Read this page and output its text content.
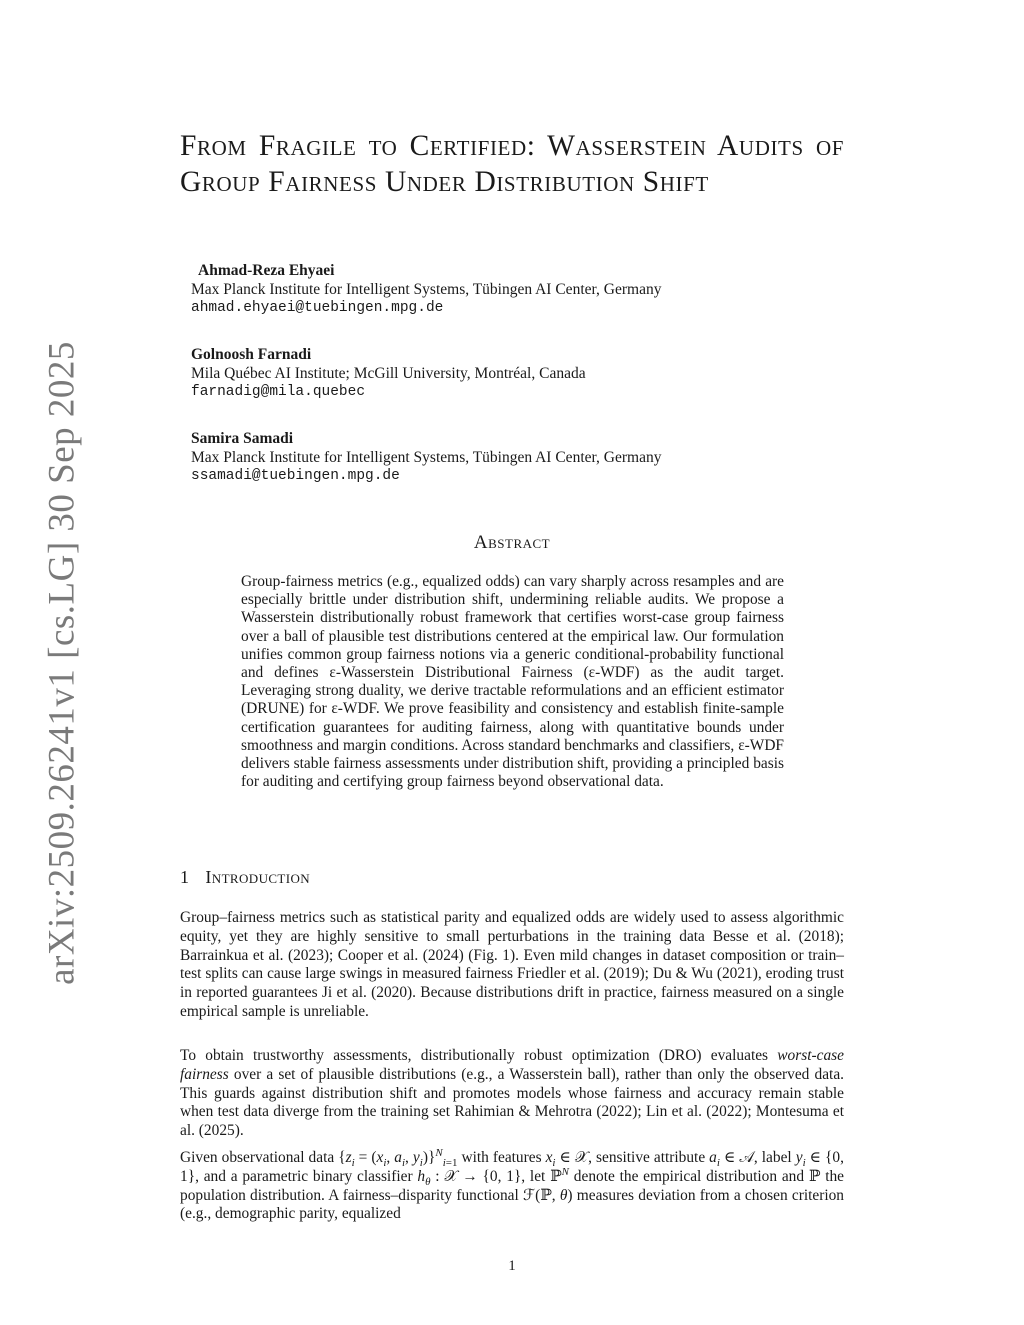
arXiv:2509.26241v1 [cs.LG] 30 Sep 2025
From Fragile to Certified: Wasserstein Audits of Group Fairness Under Distribution Shift
Ahmad-Reza Ehyaei
Max Planck Institute for Intelligent Systems, Tübingen AI Center, Germany
ahmad.ehyaei@tuebingen.mpg.de
Golnoosh Farnadi
Mila Québec AI Institute; McGill University, Montréal, Canada
farnadig@mila.quebec
Samira Samadi
Max Planck Institute for Intelligent Systems, Tübingen AI Center, Germany
ssamadi@tuebingen.mpg.de
Abstract
Group-fairness metrics (e.g., equalized odds) can vary sharply across resamples and are especially brittle under distribution shift, undermining reliable audits. We propose a Wasserstein distributionally robust framework that certifies worst-case group fairness over a ball of plausible test distributions centered at the empirical law. Our formulation unifies common group fairness notions via a generic conditional-probability functional and defines ε-Wasserstein Distributional Fairness (ε-WDF) as the audit target. Leveraging strong duality, we derive tractable reformulations and an efficient estimator (DRUNE) for ε-WDF. We prove feasibility and consistency and establish finite-sample certification guarantees for auditing fairness, along with quantitative bounds under smoothness and margin conditions. Across standard benchmarks and classifiers, ε-WDF delivers stable fairness assessments under distribution shift, providing a principled basis for auditing and certifying group fairness beyond observational data.
1 Introduction
Group–fairness metrics such as statistical parity and equalized odds are widely used to assess algorithmic equity, yet they are highly sensitive to small perturbations in the training data Besse et al. (2018); Barrainkua et al. (2023); Cooper et al. (2024) (Fig. 1). Even mild changes in dataset composition or train–test splits can cause large swings in measured fairness Friedler et al. (2019); Du & Wu (2021), eroding trust in reported guarantees Ji et al. (2020). Because distributions drift in practice, fairness measured on a single empirical sample is unreliable.
To obtain trustworthy assessments, distributionally robust optimization (DRO) evaluates worst-case fairness over a set of plausible distributions (e.g., a Wasserstein ball), rather than only the observed data. This guards against distribution shift and promotes models whose fairness and accuracy remain stable when test data diverge from the training set Rahimian & Mehrotra (2022); Lin et al. (2022); Montesuma et al. (2025).
Given observational data {$z_i = (x_i$, $a_i$, $y_i)\}^N_{i=1}$ with features $x_i$ ∈ 𝒳, sensitive attribute $a_i$ ∈ 𝒜, label $y_i$ ∈ {0, 1}, and a parametric binary classifier $h_\theta$ : 𝒳 → {0, 1}, let ℙ$^N$ denote the empirical distribution and ℙ the population distribution. A fairness–disparity functional ℱ(ℙ, θ) measures deviation from a chosen criterion (e.g., demographic parity, equalized
1
